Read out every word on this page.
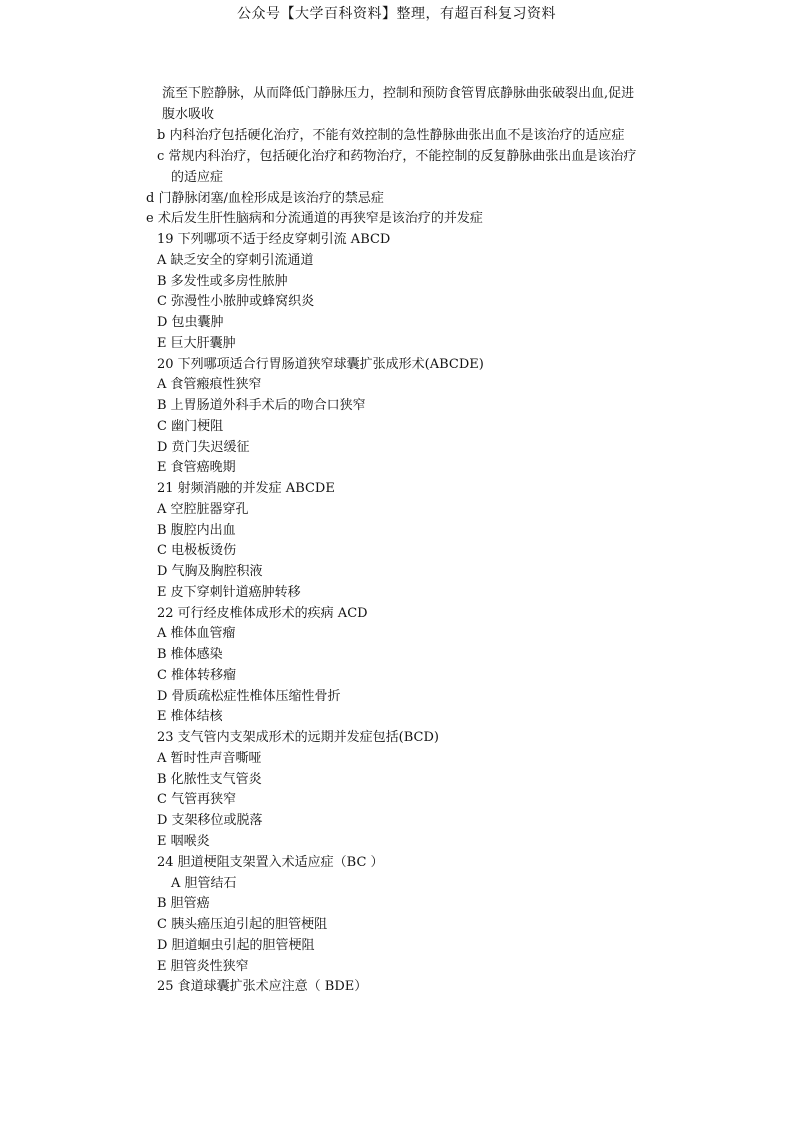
公众号【大学百科资料】整理，有超百科复习资料
流至下腔静脉，从而降低门静脉压力，控制和预防食管胃底静脉曲张破裂出血,促进
腹水吸收
b 内科治疗包括硬化治疗，不能有效控制的急性静脉曲张出血不是该治疗的适应症
c 常规内科治疗，包括硬化治疗和药物治疗，不能控制的反复静脉曲张出血是该治疗
的适应症
d 门静脉闭塞/血栓形成是该治疗的禁忌症
e 术后发生肝性脑病和分流通道的再狭窄是该治疗的并发症
19 下列哪项不适于经皮穿刺引流 ABCD
A 缺乏安全的穿刺引流通道
B 多发性或多房性脓肿
C 弥漫性小脓肿或蜂窝织炎
D 包虫囊肿
E 巨大肝囊肿
20 下列哪项适合行胃肠道狭窄球囊扩张成形术(ABCDE)
A 食管瘢痕性狭窄
B 上胃肠道外科手术后的吻合口狭窄
C 幽门梗阻
D 贲门失迟缓征
E 食管癌晚期
21 射频消融的并发症 ABCDE
A 空腔脏器穿孔
B 腹腔内出血
C 电极板烫伤
D 气胸及胸腔积液
E 皮下穿刺针道癌肿转移
22 可行经皮椎体成形术的疾病 ACD
A 椎体血管瘤
B 椎体感染
C 椎体转移瘤
D 骨质疏松症性椎体压缩性骨折
E 椎体结核
23 支气管内支架成形术的远期并发症包括(BCD)
A 暂时性声音嘶哑
B 化脓性支气管炎
C 气管再狭窄
D 支架移位或脱落
E 咽喉炎
24 胆道梗阻支架置入术适应症（BC ）
A 胆管结石
B 胆管癌
C 胰头癌压迫引起的胆管梗阻
D 胆道蛔虫引起的胆管梗阻
E 胆管炎性狭窄
25 食道球囊扩张术应注意（ BDE）
